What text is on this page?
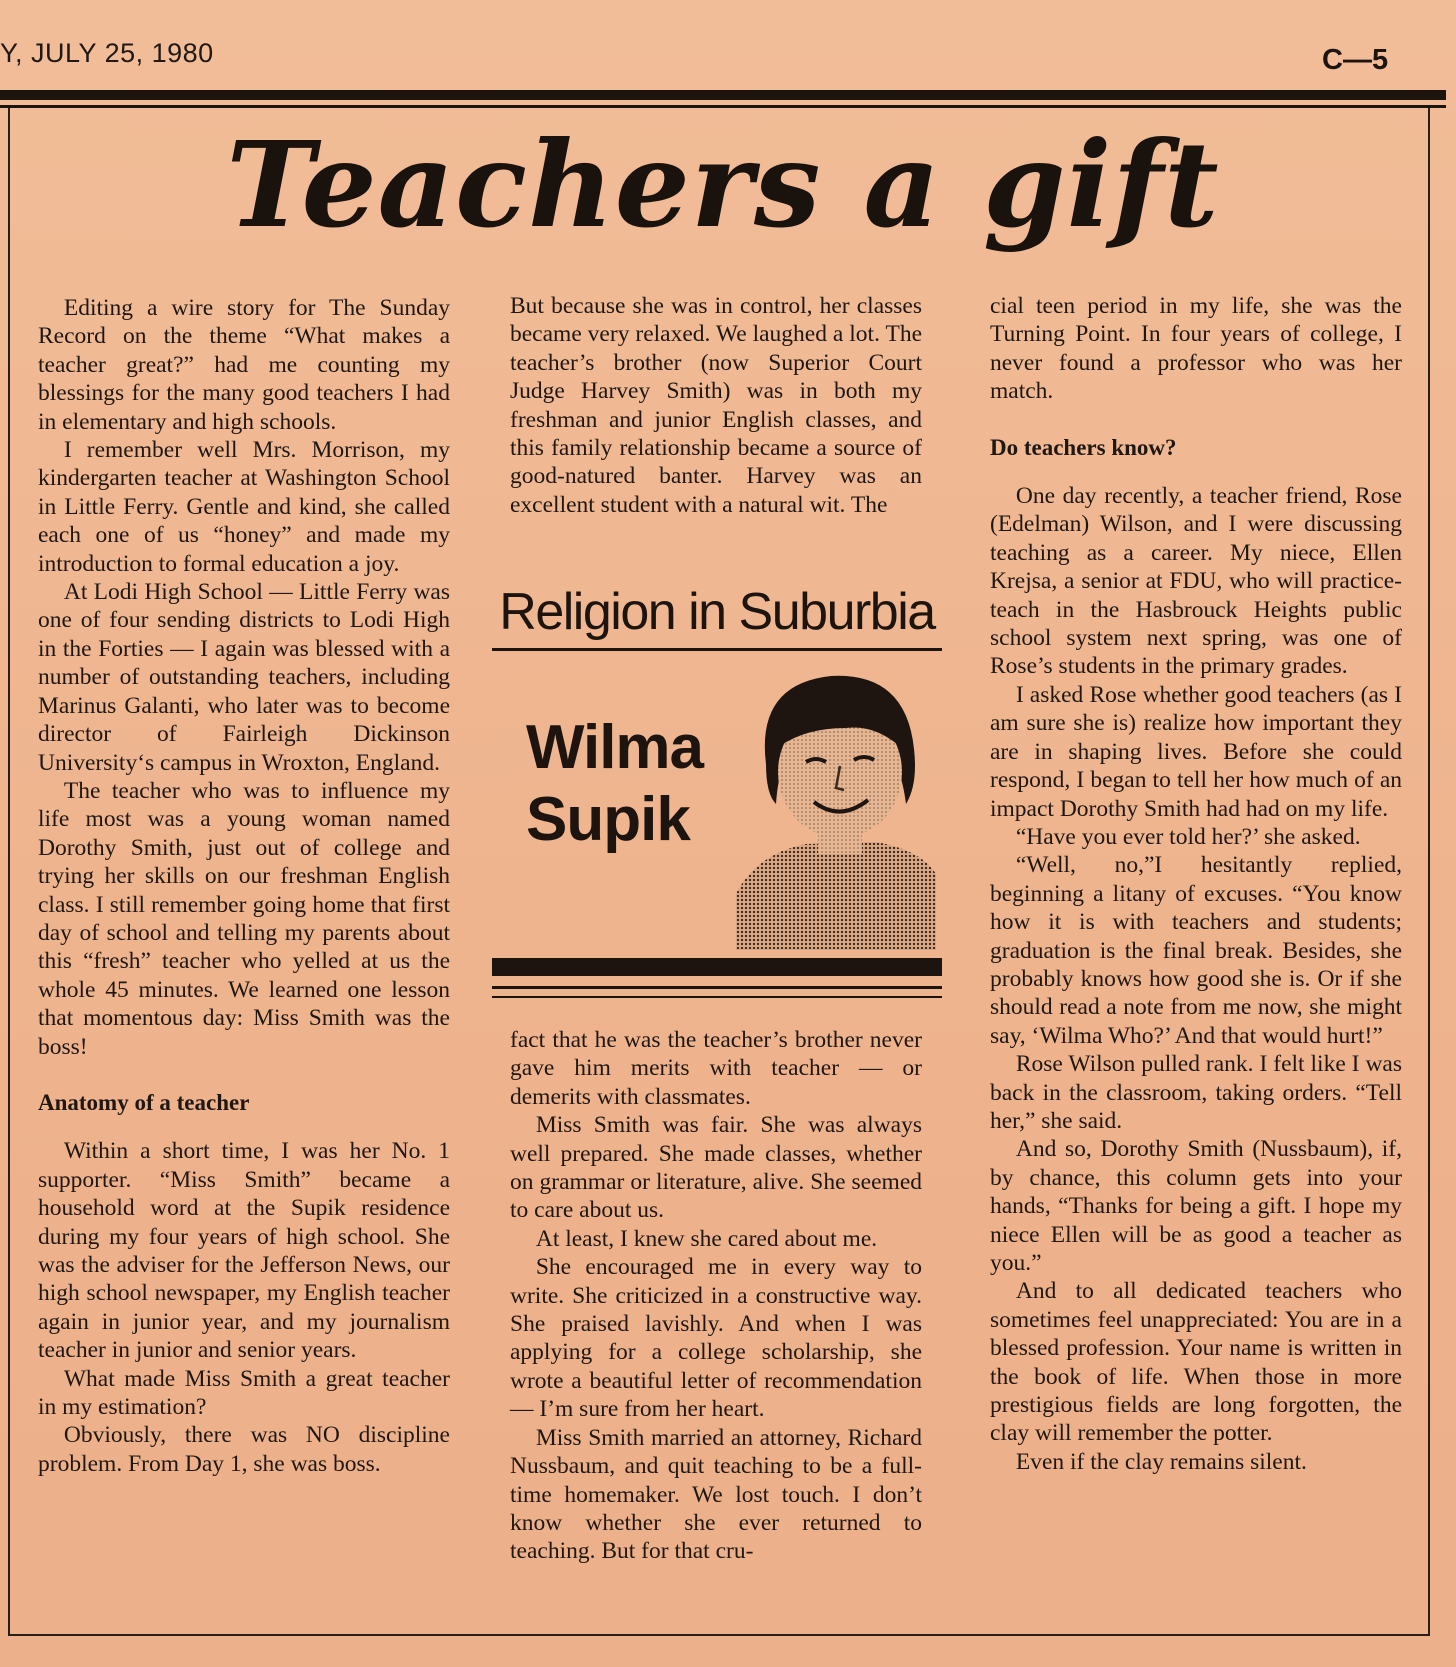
Y, JULY 25, 1980	C—5
Teachers a gift

Editing a wire story for The Sunday Record on the theme “What makes a teacher great?” had me counting my blessings for the many good teachers I had in elementary and high schools.

I remember well Mrs. Morrison, my kindergarten teacher at Washington School in Little Ferry. Gentle and kind, she called each one of us “honey” and made my introduction to formal education a joy.

At Lodi High School — Little Ferry was one of four sending districts to Lodi High in the Forties — I again was blessed with a number of outstanding teachers, including Marinus Galanti, who later was to become director of Fairleigh Dickinson University‘s campus in Wroxton, England.

The teacher who was to influence my life most was a young woman named Dorothy Smith, just out of college and trying her skills on our freshman English class. I still remember going home that first day of school and telling my parents about this “fresh” teacher who yelled at us the whole 45 minutes. We learned one lesson that momentous day: Miss Smith was the boss!

Anatomy of a teacher

Within a short time, I was her No. 1 supporter. “Miss Smith” became a household word at the Supik residence during my four years of high school. She was the adviser for the Jefferson News, our high school newspaper, my English teacher again in junior year, and my journalism teacher in junior and senior years.

What made Miss Smith a great teacher in my estimation?

Obviously, there was NO discipline problem. From Day 1, she was boss.

But because she was in control, her classes became very relaxed. We laughed a lot. The teacher’s brother (now Superior Court Judge Harvey Smith) was in both my freshman and junior English classes, and this family relationship became a source of good-natured banter. Harvey was an excellent student with a natural wit. The

Religion in Suburbia
Wilma
Supik

fact that he was the teacher’s brother never gave him merits with teacher — or demerits with classmates.

Miss Smith was fair. She was always well prepared. She made classes, whether on grammar or literature, alive. She seemed to care about us.

At least, I knew she cared about me.

She encouraged me in every way to write. She criticized in a constructive way. She praised lavishly. And when I was applying for a college scholarship, she wrote a beautiful letter of recommendation — I’m sure from her heart.

Miss Smith married an attorney, Richard Nussbaum, and quit teaching to be a full-time homemaker. We lost touch. I don’t know whether she ever returned to teaching. But for that cru-

cial teen period in my life, she was the Turning Point. In four years of college, I never found a professor who was her match.

Do teachers know?

One day recently, a teacher friend, Rose (Edelman) Wilson, and I were discussing teaching as a career. My niece, Ellen Krejsa, a senior at FDU, who will practice-teach in the Hasbrouck Heights public school system next spring, was one of Rose’s students in the primary grades.

I asked Rose whether good teachers (as I am sure she is) realize how important they are in shaping lives. Before she could respond, I began to tell her how much of an impact Dorothy Smith had had on my life.

“Have you ever told her?’ she asked.

“Well, no,”I hesitantly replied, beginning a litany of excuses. “You know how it is with teachers and students; graduation is the final break. Besides, she probably knows how good she is. Or if she should read a note from me now, she might say, ‘Wilma Who?’ And that would hurt!”

Rose Wilson pulled rank. I felt like I was back in the classroom, taking orders. “Tell her,” she said.

And so, Dorothy Smith (Nussbaum), if, by chance, this column gets into your hands, “Thanks for being a gift. I hope my niece Ellen will be as good a teacher as you.”

And to all dedicated teachers who sometimes feel unappreciated: You are in a blessed profession. Your name is written in the book of life. When those in more prestigious fields are long forgotten, the clay will remember the potter.

Even if the clay remains silent.
